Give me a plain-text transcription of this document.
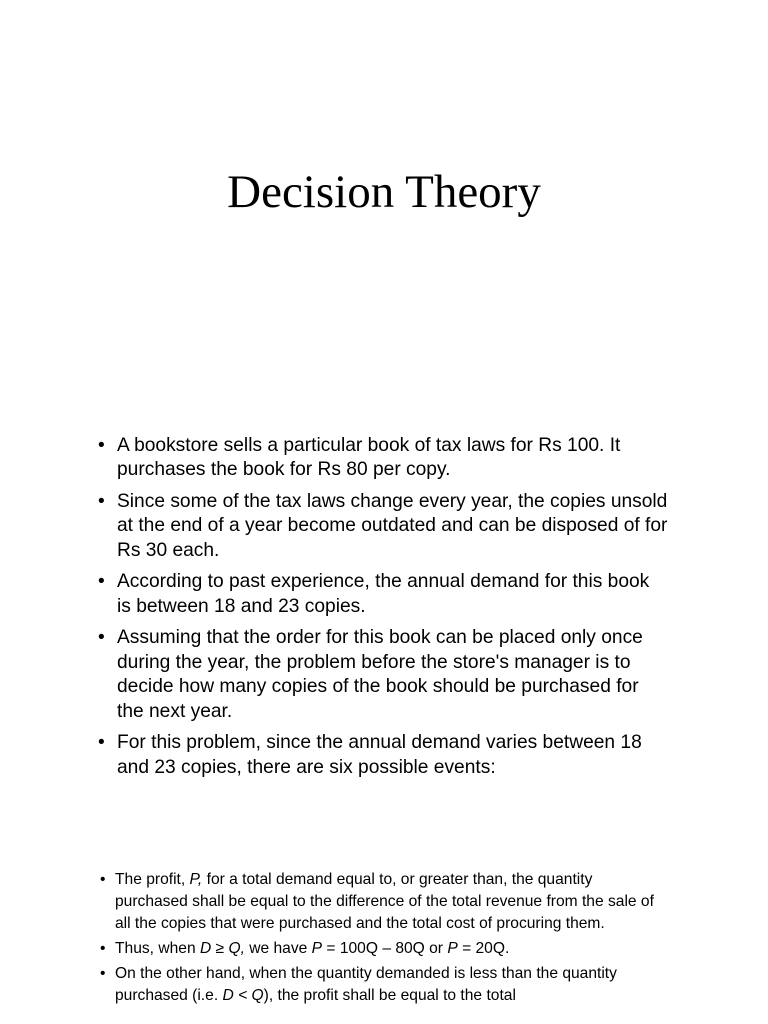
Decision Theory
• A bookstore sells a particular book of tax laws for Rs 100. It purchases the book for Rs 80 per copy.
• Since some of the tax laws change every year, the copies unsold at the end of a year become outdated and can be disposed of for Rs 30 each.
• According to past experience, the annual demand for this book is between 18 and 23 copies.
• Assuming that the order for this book can be placed only once during the year, the problem before the store's manager is to decide how many copies of the book should be purchased for the next year.
• For this problem, since the annual demand varies between 18 and 23 copies, there are six possible events:
• The profit, P, for a total demand equal to, or greater than, the quantity purchased shall be equal to the difference of the total revenue from the sale of all the copies that were purchased and the total cost of procuring them.
• Thus, when D ≥ Q, we have P = 100Q – 80Q or P = 20Q.
• On the other hand, when the quantity demanded is less than the quantity purchased (i.e. D < Q), the profit shall be equal to the total
